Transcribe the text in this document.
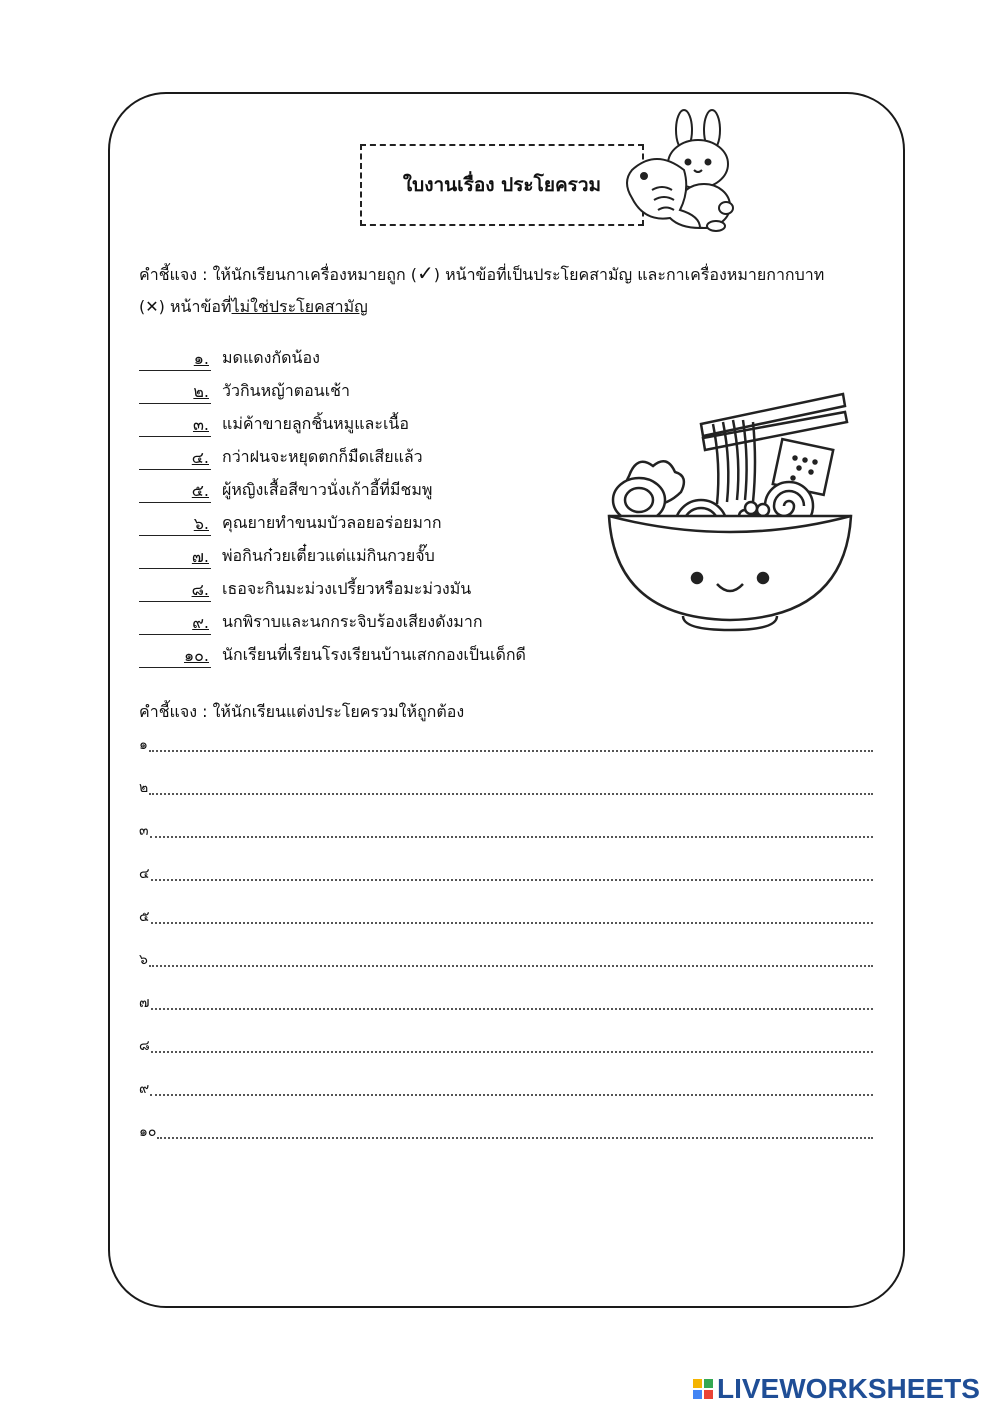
ใบงานเรื่อง ประโยครวม
คำชี้แจง : ให้นักเรียนกาเครื่องหมายถูก (✓) หน้าข้อที่เป็นประโยคสามัญ และกาเครื่องหมายกากบาท
(✕) หน้าข้อที่ไม่ใช่ประโยคสามัญ
๑. มดแดงกัดน้อง
๒. วัวกินหญ้าตอนเช้า
๓. แม่ค้าขายลูกชิ้นหมูและเนื้อ
๔. กว่าฝนจะหยุดตกก็มืดเสียแล้ว
๕. ผู้หญิงเสื้อสีขาวนั่งเก้าอี้ที่มีชมพู
๖. คุณยายทำขนมบัวลอยอร่อยมาก
๗. พ่อกินก๋วยเตี๋ยวแต่แม่กินกวยจั๊บ
๘. เธอจะกินมะม่วงเปรี้ยวหรือมะม่วงมัน
๙. นกพิราบและนกกระจิบร้องเสียงดังมาก
๑๐. นักเรียนที่เรียนโรงเรียนบ้านเสกกองเป็นเด็กดี
คำชี้แจง : ให้นักเรียนแต่งประโยครวมให้ถูกต้อง
๑
๒
๓
๔
๕
๖
๗
๘
๙
๑๐
LIVEWORKSHEETS
